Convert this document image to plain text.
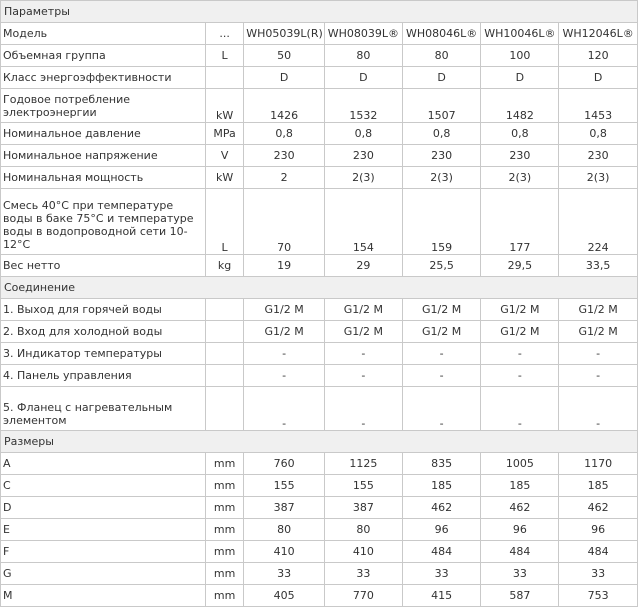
Параметры						
Модель	...	WH05039L(R)	WH08039L®	WH08046L®	WH10046L®	WH12046L®
Объемная группа	L	50	80	80	100	120
Класс энергоэффективности		D	D	D	D	D
Годовое потребление электроэнергии	kW	1426	1532	1507	1482	1453
Номинальное давление	MPa	0,8	0,8	0,8	0,8	0,8
Номинальное напряжение	V	230	230	230	230	230
Номинальная мощность	kW	2	2(3)	2(3)	2(3)	2(3)
Смесь 40°C при температуре воды в баке 75°C и температуре воды в водопроводной сети 10-12°C	L	70	154	159	177	224
Вес нетто	kg	19	29	25,5	29,5	33,5
Соединение						
1. Выход для горячей воды		G1/2 M	G1/2 M	G1/2 M	G1/2 M	G1/2 M
2. Вход для холодной воды		G1/2 M	G1/2 M	G1/2 M	G1/2 M	G1/2 M
3. Индикатор температуры		-	-	-	-	-
4. Панель управления		-	-	-	-	-
5. Фланец с нагревательным элементом		-	-	-	-	-
Размеры						
A	mm	760	1125	835	1005	1170
C	mm	155	155	185	185	185
D	mm	387	387	462	462	462
E	mm	80	80	96	96	96
F	mm	410	410	484	484	484
G	mm	33	33	33	33	33
M	mm	405	770	415	587	753
